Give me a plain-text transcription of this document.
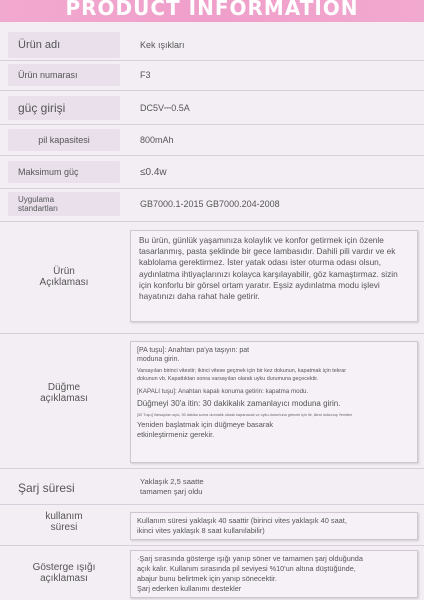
PRODUCT INFORMATION
Ürün adı	Kek ışıkları
Ürün numarası	F3
güç girişi	DC5V⎓0.5A
pil kapasitesi	800mAh
Maksimum güç	≤0.4w
Uygulama
standartları	GB7000.1-2015 GB7000.204-2008
Ürün
Açıklaması

Bu ürün, günlük yaşamınıza kolaylık ve konfor getirmek için özenle tasarlanmış, pasta şeklinde bir gece lambasıdır. Dahili pili vardır ve ek kablolama gerektirmez. İster yatak odası ister oturma odası olsun, aydınlatma ihtiyaçlarınızı kolayca karşılayabilir, göz kamaştırmaz. sizin için konforlu bir görsel ortam yaratır. Eşsiz aydınlatma modu işlevi hayatınızı daha rahat hale getirir.

Düğme
açıklaması

[PA tuşu]: Anahtarı pa'ya taşıyın: pat
moduna girin.

Varsayılan birinci vitestir; ikinci vitese geçmek için bir kez dokunun, kapatmak için tekrar
dokunun vb. Kapattıktan sonra varsayılan olarak uyku durumuna geçecektir.

[KAPALI tuşu]: Anahtarı kapalı konuma getirin: kapatma modu.

Düğmeyi 30'a itin: 30 dakikalık zamanlayıcı moduna girin.

[30 Tuşu] Varsayılan açık, 30 dakika sonra otomatik olarak kapanacak ve uyku durumuna girecek için ile, ikinci dokunuş Yeniden

Yeniden başlatmak için düğmeye basarak
etkinleştirmeniz gerekir.

Şarj süresi	Yaklaşık 2,5 saatte
tamamen şarj oldu
kullanım
süresi

Kullanım süresi yaklaşık 40 saattir (birinci vites yaklaşık 40 saat,
ikinci vites yaklaşık 8 saat kullanılabilir)

Gösterge ışığı
açıklaması

·Şarj sırasında gösterge ışığı yanıp söner ve tamamen şarj olduğunda
açık kalır. Kullanım sırasında pil seviyesi %10'un altına düştüğünde,
abajur bunu belirtmek için yanıp sönecektir.
Şarj ederken kullanımı destekler
